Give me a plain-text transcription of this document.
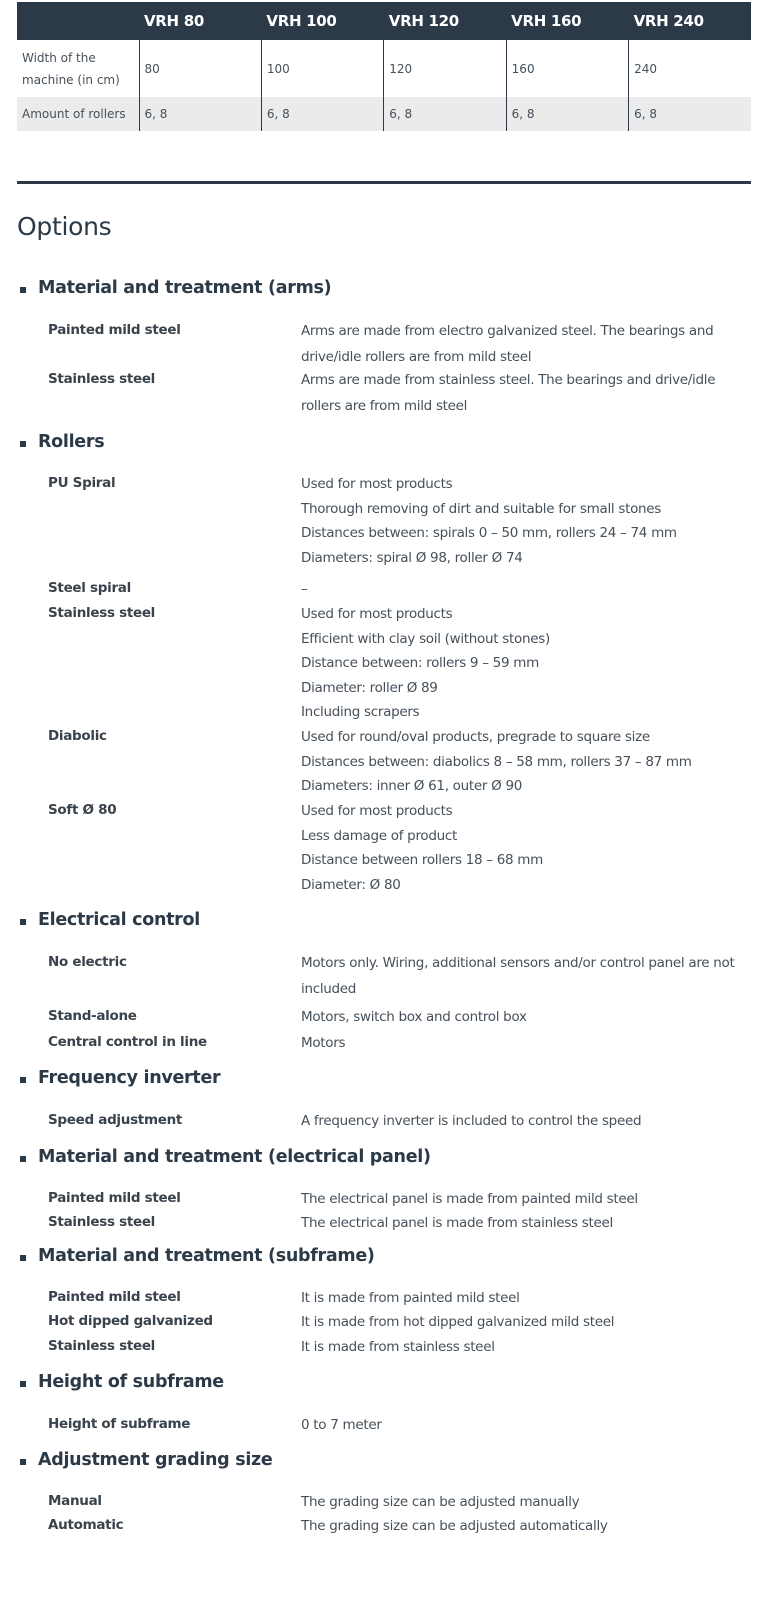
	VRH 80	VRH 100	VRH 120	VRH 160	VRH 240
Width of the machine (in cm)	80	100	120	160	240
Amount of rollers	6, 8	6, 8	6, 8	6, 8	6, 8
Options
Material and treatment (arms)
Painted mild steel	Arms are made from electro galvanized steel. The bearings and drive/idle rollers are from mild steel
Stainless steel	Arms are made from stainless steel. The bearings and drive/idle rollers are from mild steel
Rollers
PU Spiral	Used for most products
Thorough removing of dirt and suitable for small stones
Distances between: spirals 0 – 50 mm, rollers 24 – 74 mm
Diameters: spiral Ø 98, roller Ø 74
Steel spiral	–
Stainless steel	Used for most products
Efficient with clay soil (without stones)
Distance between: rollers 9 – 59 mm
Diameter: roller Ø 89
Including scrapers
Diabolic	Used for round/oval products, pregrade to square size
Distances between: diabolics 8 – 58 mm, rollers 37 – 87 mm
Diameters: inner Ø 61, outer Ø 90
Soft Ø 80	Used for most products
Less damage of product
Distance between rollers 18 – 68 mm
Diameter: Ø 80
Electrical control
No electric	Motors only. Wiring, additional sensors and/or control panel are not included
Stand-alone	Motors, switch box and control box
Central control in line	Motors
Frequency inverter
Speed adjustment	A frequency inverter is included to control the speed
Material and treatment (electrical panel)
Painted mild steel	The electrical panel is made from painted mild steel
Stainless steel	The electrical panel is made from stainless steel
Material and treatment (subframe)
Painted mild steel	It is made from painted mild steel
Hot dipped galvanized	It is made from hot dipped galvanized mild steel
Stainless steel	It is made from stainless steel
Height of subframe
Height of subframe	0 to 7 meter
Adjustment grading size
Manual	The grading size can be adjusted manually
Automatic	The grading size can be adjusted automatically
